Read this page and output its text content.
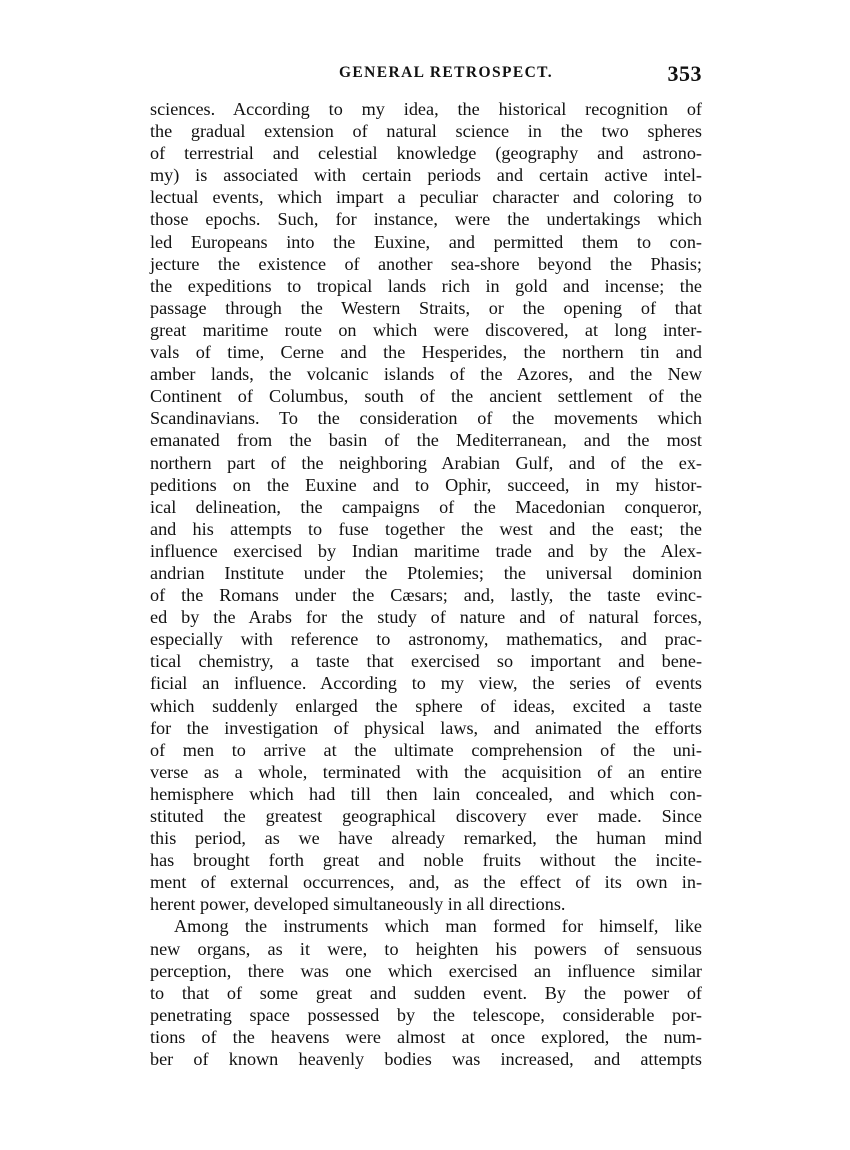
GENERAL RETROSPECT.	353
sciences. According to my idea, the historical recognition of
the gradual extension of natural science in the two spheres
of terrestrial and celestial knowledge (geography and astrono-
my) is associated with certain periods and certain active intel-
lectual events, which impart a peculiar character and coloring to
those epochs. Such, for instance, were the undertakings which
led Europeans into the Euxine, and permitted them to con-
jecture the existence of another sea-shore beyond the Phasis;
the expeditions to tropical lands rich in gold and incense; the
passage through the Western Straits, or the opening of that
great maritime route on which were discovered, at long inter-
vals of time, Cerne and the Hesperides, the northern tin and
amber lands, the volcanic islands of the Azores, and the New
Continent of Columbus, south of the ancient settlement of the
Scandinavians. To the consideration of the movements which
emanated from the basin of the Mediterranean, and the most
northern part of the neighboring Arabian Gulf, and of the ex-
peditions on the Euxine and to Ophir, succeed, in my histor-
ical delineation, the campaigns of the Macedonian conqueror,
and his attempts to fuse together the west and the east; the
influence exercised by Indian maritime trade and by the Alex-
andrian Institute under the Ptolemies; the universal dominion
of the Romans under the Cæsars; and, lastly, the taste evinc-
ed by the Arabs for the study of nature and of natural forces,
especially with reference to astronomy, mathematics, and prac-
tical chemistry, a taste that exercised so important and bene-
ficial an influence. According to my view, the series of events
which suddenly enlarged the sphere of ideas, excited a taste
for the investigation of physical laws, and animated the efforts
of men to arrive at the ultimate comprehension of the uni-
verse as a whole, terminated with the acquisition of an entire
hemisphere which had till then lain concealed, and which con-
stituted the greatest geographical discovery ever made. Since
this period, as we have already remarked, the human mind
has brought forth great and noble fruits without the incite-
ment of external occurrences, and, as the effect of its own in-
herent power, developed simultaneously in all directions.
Among the instruments which man formed for himself, like
new organs, as it were, to heighten his powers of sensuous
perception, there was one which exercised an influence similar
to that of some great and sudden event. By the power of
penetrating space possessed by the telescope, considerable por-
tions of the heavens were almost at once explored, the num-
ber of known heavenly bodies was increased, and attempts
